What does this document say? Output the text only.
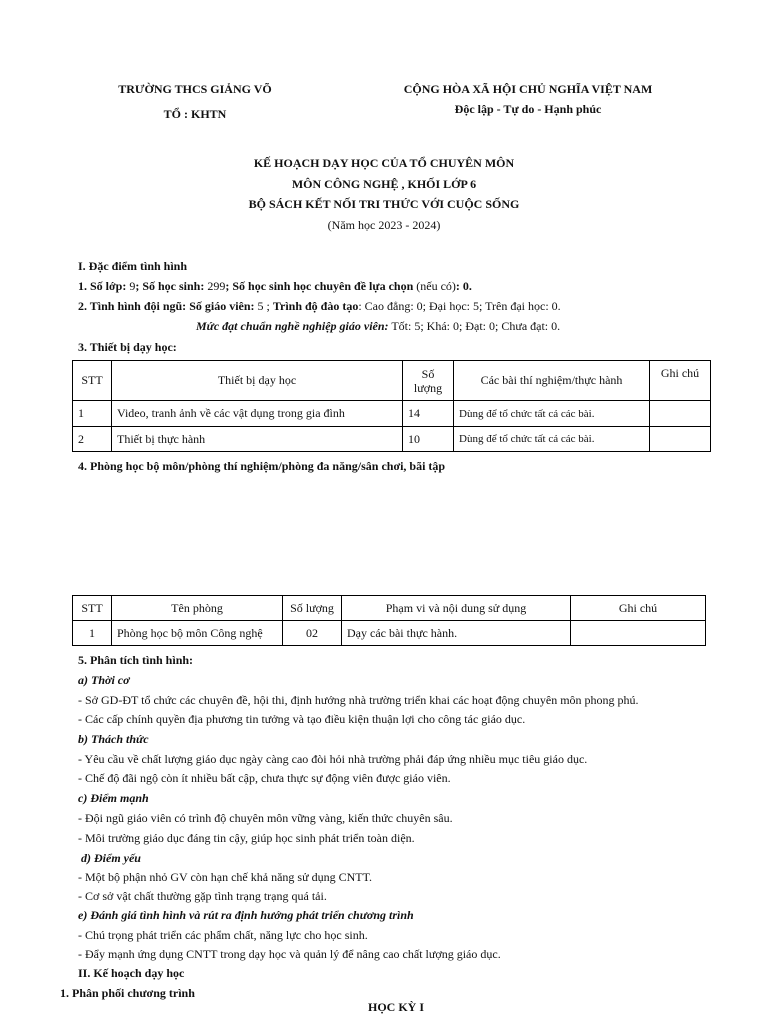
TRƯỜNG THCS GIẢNG VÕ
TỔ : KHTN
CỘNG HÒA XÃ HỘI CHỦ NGHĨA VIỆT NAM
Độc lập - Tự do - Hạnh phúc
KẾ HOẠCH DẠY HỌC CỦA TỔ CHUYÊN MÔN
MÔN CÔNG NGHỆ , KHỐI LỚP 6
BỘ SÁCH KẾT NỐI TRI THỨC VỚI CUỘC SỐNG
(Năm học 2023 - 2024)
I. Đặc điểm tình hình
1. Số lớp: 9; Số học sinh: 299; Số học sinh học chuyên đề lựa chọn (nếu có): 0.
2. Tình hình đội ngũ: Số giáo viên: 5 ; Trình độ đào tạo: Cao đẳng: 0; Đại học: 5; Trên đại học: 0.
Mức đạt chuẩn nghề nghiệp giáo viên: Tốt: 5; Khá: 0; Đạt: 0; Chưa đạt: 0.
3. Thiết bị dạy học:
STT	Thiết bị dạy học	Số lượng	Các bài thí nghiệm/thực hành	Ghi chú
1	Video, tranh ảnh về các vật dụng trong gia đình	14	Dùng để tổ chức tất cả các bài.	
2	Thiết bị thực hành	10	Dùng để tổ chức tất cả các bài.	
4. Phòng học bộ môn/phòng thí nghiệm/phòng đa năng/sân chơi, bãi tập
STT	Tên phòng	Số lượng	Phạm vi và nội dung sử dụng	Ghi chú
1	Phòng học bộ môn Công nghệ	02	Dạy các bài thực hành.	
5. Phân tích tình hình:
a) Thời cơ
- Sở GD-ĐT tổ chức các chuyên đề, hội thi, định hướng nhà trường triển khai các hoạt động chuyên môn phong phú.
- Các cấp chính quyền địa phương tin tưởng và tạo điều kiện thuận lợi cho công tác giáo dục.
b) Thách thức
- Yêu cầu về chất lượng giáo dục ngày càng cao đòi hỏi nhà trường phải đáp ứng nhiều mục tiêu giáo dục.
- Chế độ đãi ngộ còn ít nhiều bất cập, chưa thực sự động viên được giáo viên.
c) Điểm mạnh
- Đội ngũ giáo viên có trình độ chuyên môn vững vàng, kiến thức chuyên sâu.
- Môi trường giáo dục đáng tin cậy, giúp học sinh phát triển toàn diện.
d) Điểm yếu
- Một bộ phận nhỏ GV còn hạn chế khả năng sử dụng CNTT.
- Cơ sở vật chất thường gặp tình trạng trạng quá tải.
e) Đánh giá tình hình và rút ra định hướng phát triển chương trình
- Chú trọng phát triển các phẩm chất, năng lực cho học sinh.
- Đẩy mạnh ứng dụng CNTT trong dạy học và quản lý để nâng cao chất lượng giáo dục.
II. Kế hoạch dạy học
1. Phân phối chương trình
HỌC KỲ I
